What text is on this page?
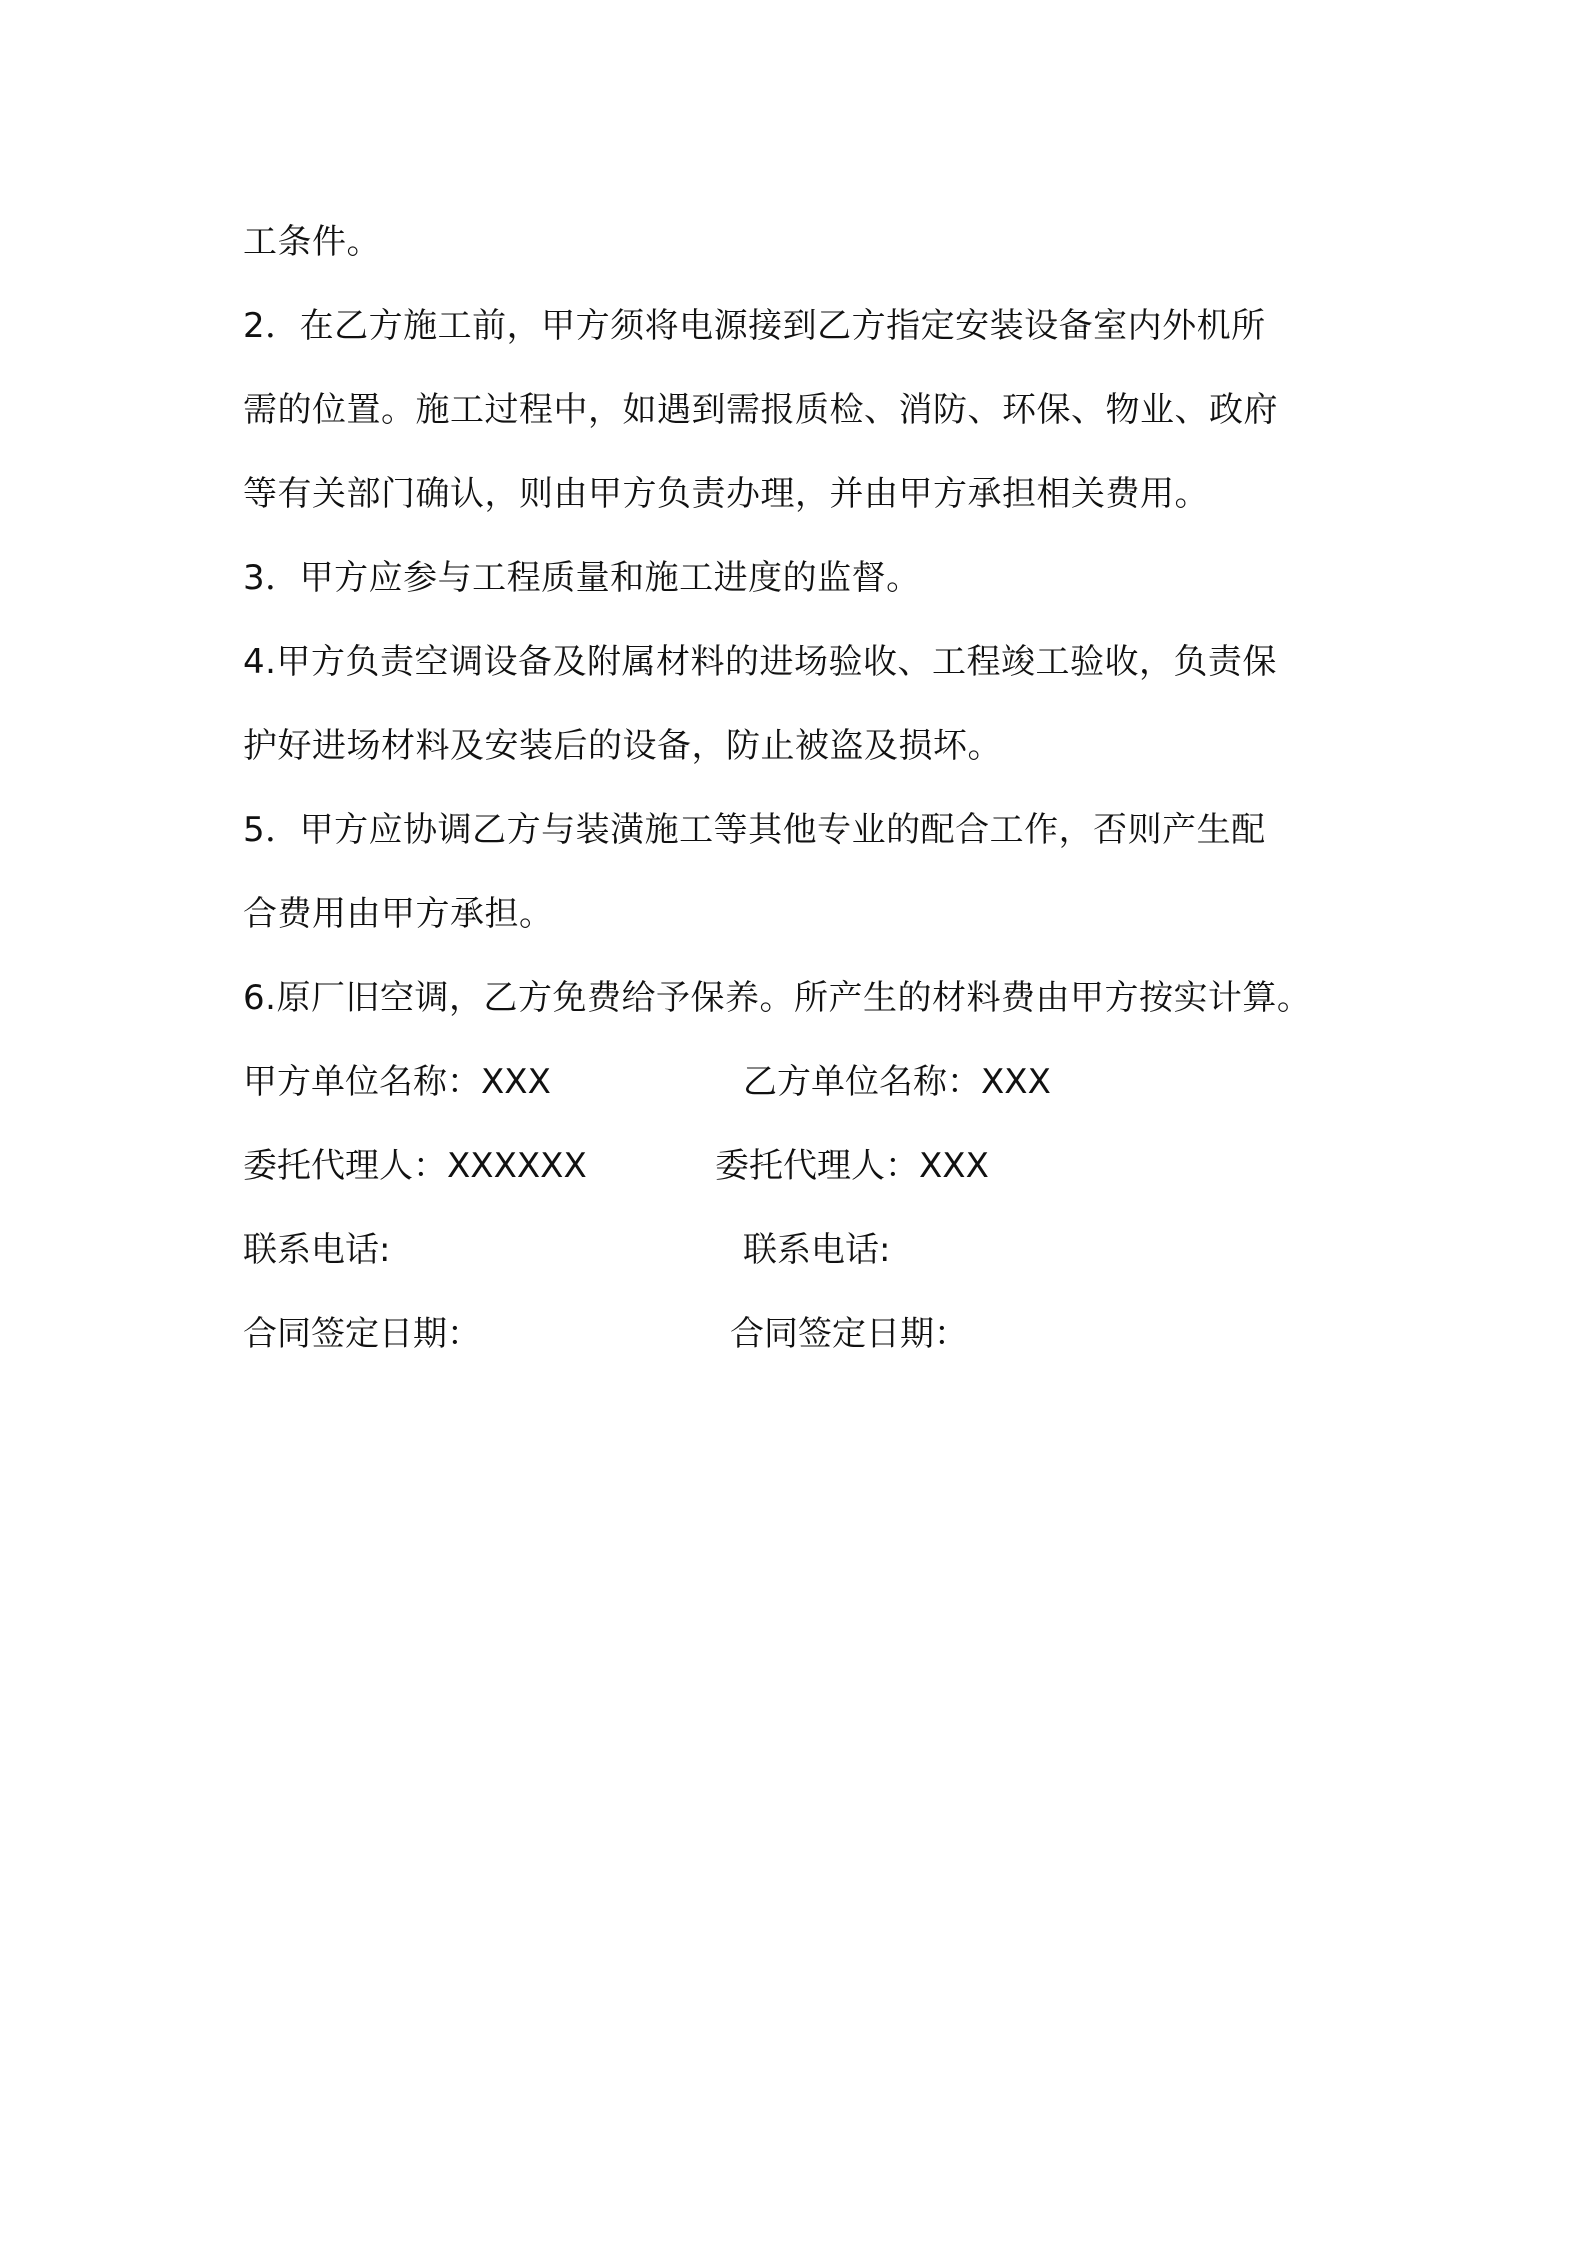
工条件。
2．在乙方施工前，甲方须将电源接到乙方指定安装设备室内外机所
需的位置。施工过程中，如遇到需报质检、消防、环保、物业、政府
等有关部门确认，则由甲方负责办理，并由甲方承担相关费用。
3．甲方应参与工程质量和施工进度的监督。
4.甲方负责空调设备及附属材料的进场验收、工程竣工验收，负责保
护好进场材料及安装后的设备，防止被盗及损坏。
5．甲方应协调乙方与装潢施工等其他专业的配合工作，否则产生配
合费用由甲方承担。
6.原厂旧空调，乙方免费给予保养。所产生的材料费由甲方按实计算。
甲方单位名称：XXX	乙方单位名称：XXX
委托代理人：XXXXXX	委托代理人：XXX
联系电话:	联系电话:
合同签定日期：	合同签定日期：
